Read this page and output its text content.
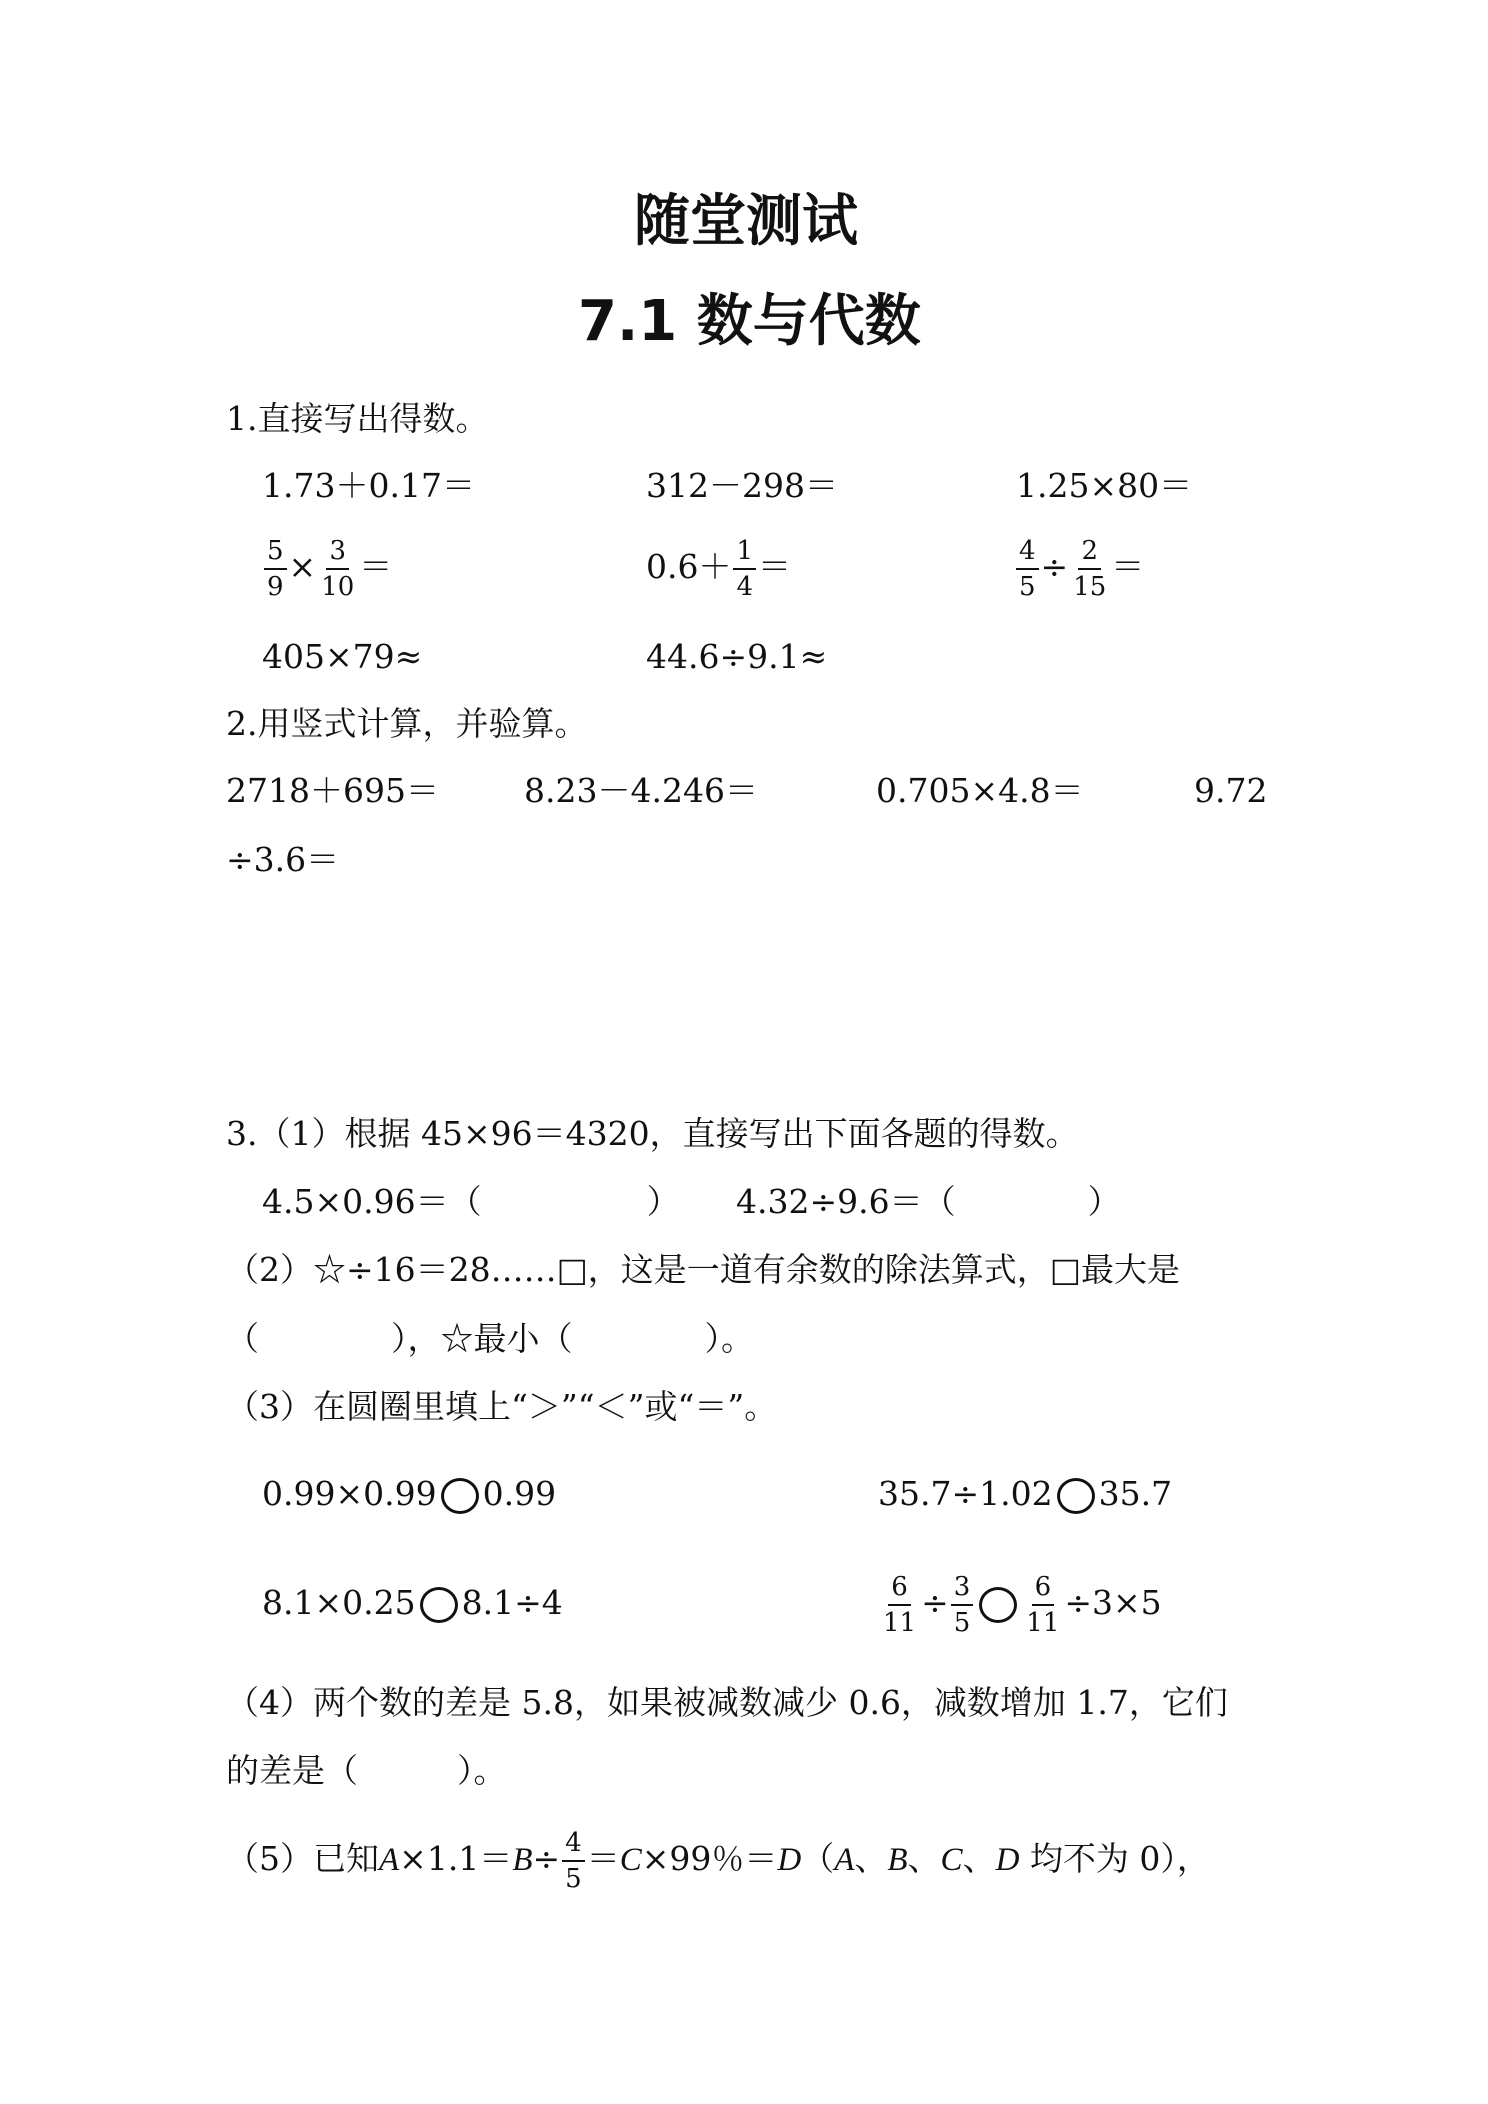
随堂测试
7.1 数与代数
1.直接写出得数。
1.73＋0.17＝	312－298＝	1.25×80＝
$\frac{5}{9} \times \frac{3}{10}$ ＝	$0.6+ \frac{1}{4}$ ＝	$\frac{4}{5} \div \frac{2}{15}$ ＝
405×79≈	44.6÷9.1≈
2.用竖式计算，并验算。
2718＋695＝	8.23－4.246＝	0.705×4.8＝	9.72
÷3.6＝
3.（1）根据 45×96＝4320，直接写出下面各题的得数。
4.5×0.96＝（　　　　　） 4.32÷9.6＝（　　　　）
（2）☆÷16＝28……□，这是一道有余数的除法算式，□最大是
（　　　　），☆最小（　　　　）。
（3）在圆圈里填上“＞”“＜”或“＝”。
0.99×0.99 0.99	35.7÷1.02 35.7
8.1×0.25 8.1÷4	$\frac{6}{11} \div \frac{3}{5} \frac{6}{11} \div 3\times 5$
（4）两个数的差是 5.8，如果被减数减少 0.6，减数增加 1.7，它们
的差是（　　　）。
（5）已知$A\times 1.1=B\div \frac{4}{5} =C\times 99$％＝D（A、B、C、D 均不为 0），
